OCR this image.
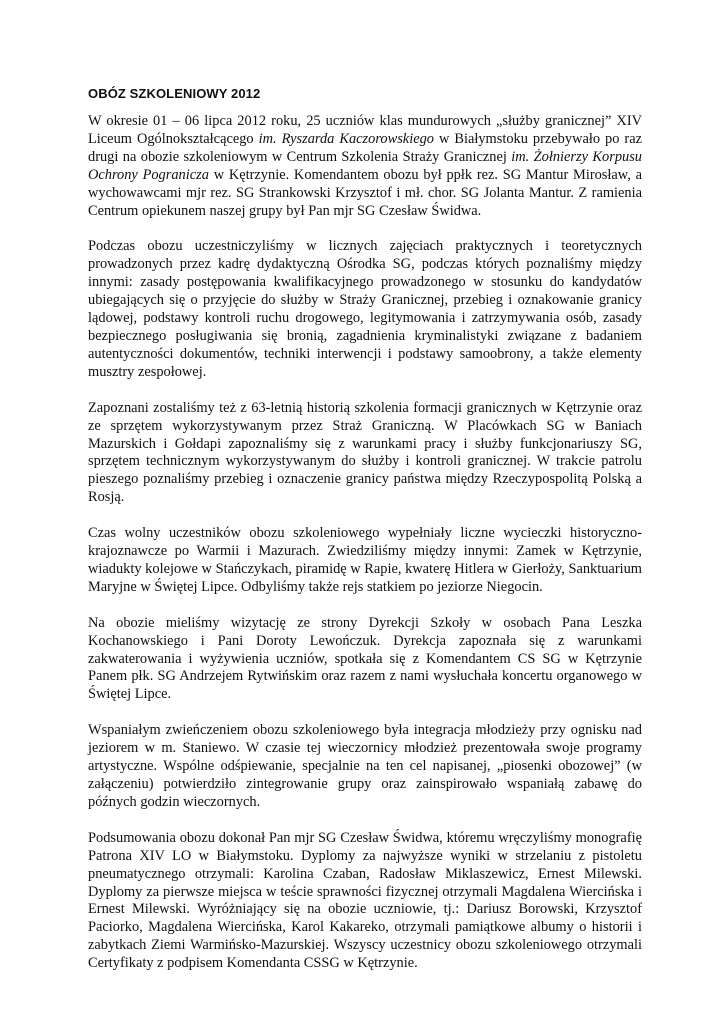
OBÓZ SZKOLENIOWY 2012

W okresie 01 – 06 lipca 2012 roku, 25 uczniów klas mundurowych „służby granicznej” XIV Liceum Ogólnokształcącego im. Ryszarda Kaczorowskiego w Białymstoku przebywało po raz drugi na obozie szkoleniowym w Centrum Szkolenia Straży Granicznej im. Żołnierzy Korpusu Ochrony Pogranicza w Kętrzynie. Komendantem obozu był ppłk rez. SG Mantur Mirosław, a wychowawcami mjr rez. SG Strankowski Krzysztof i mł. chor. SG Jolanta Mantur. Z ramienia Centrum opiekunem naszej grupy był Pan mjr SG Czesław Świdwa.

Podczas obozu uczestniczyliśmy w licznych zajęciach praktycznych i teoretycznych prowadzonych przez kadrę dydaktyczną Ośrodka SG, podczas których poznaliśmy między innymi: zasady postępowania kwalifikacyjnego prowadzonego w stosunku do kandydatów ubiegających się o przyjęcie do służby w Straży Granicznej, przebieg i oznakowanie granicy lądowej, podstawy kontroli ruchu drogowego, legitymowania i zatrzymywania osób, zasady bezpiecznego posługiwania się bronią, zagadnienia kryminalistyki związane z badaniem autentyczności dokumentów, techniki interwencji i podstawy samoobrony, a także elementy musztry zespołowej.

Zapoznani zostaliśmy też z 63-letnią historią szkolenia formacji granicznych w Kętrzynie oraz ze sprzętem wykorzystywanym przez Straż Graniczną. W Placówkach SG w Baniach Mazurskich i Gołdapi zapoznaliśmy się z warunkami pracy i służby funkcjonariuszy SG, sprzętem technicznym wykorzystywanym do służby i kontroli granicznej. W trakcie patrolu pieszego poznaliśmy przebieg i oznaczenie granicy państwa między Rzeczypospolitą Polską a Rosją.

Czas wolny uczestników obozu szkoleniowego wypełniały liczne wycieczki historyczno-krajoznawcze po Warmii i Mazurach. Zwiedziliśmy między innymi: Zamek w Kętrzynie, wiadukty kolejowe w Stańczykach, piramidę w Rapie, kwaterę Hitlera w Gierłoży, Sanktuarium Maryjne w Świętej Lipce. Odbyliśmy także rejs statkiem po jeziorze Niegocin.

Na obozie mieliśmy wizytację ze strony Dyrekcji Szkoły w osobach Pana Leszka Kochanowskiego i Pani Doroty Lewończuk. Dyrekcja zapoznała się z warunkami zakwaterowania i wyżywienia uczniów, spotkała się z Komendantem CS SG w Kętrzynie Panem płk. SG Andrzejem Rytwińskim oraz razem z nami wysłuchała koncertu organowego w Świętej Lipce.

Wspaniałym zwieńczeniem obozu szkoleniowego była integracja młodzieży przy ognisku nad jeziorem w m. Staniewo. W czasie tej wieczornicy młodzież prezentowała swoje programy artystyczne. Wspólne odśpiewanie, specjalnie na ten cel napisanej, „piosenki obozowej” (w załączeniu) potwierdziło zintegrowanie grupy oraz zainspirowało wspaniałą zabawę do późnych godzin wieczornych.

Podsumowania obozu dokonał Pan mjr SG Czesław Świdwa, któremu wręczyliśmy monografię Patrona XIV LO w Białymstoku. Dyplomy za najwyższe wyniki w strzelaniu z pistoletu pneumatycznego otrzymali: Karolina Czaban, Radosław Miklaszewicz, Ernest Milewski. Dyplomy za pierwsze miejsca w teście sprawności fizycznej otrzymali Magdalena Wiercińska i Ernest Milewski. Wyróżniający się na obozie uczniowie, tj.: Dariusz Borowski, Krzysztof Paciorko, Magdalena Wiercińska, Karol Kakareko, otrzymali pamiątkowe albumy o historii i zabytkach Ziemi Warmińsko-Mazurskiej. Wszyscy uczestnicy obozu szkoleniowego otrzymali Certyfikaty z podpisem Komendanta CSSG w Kętrzynie.
